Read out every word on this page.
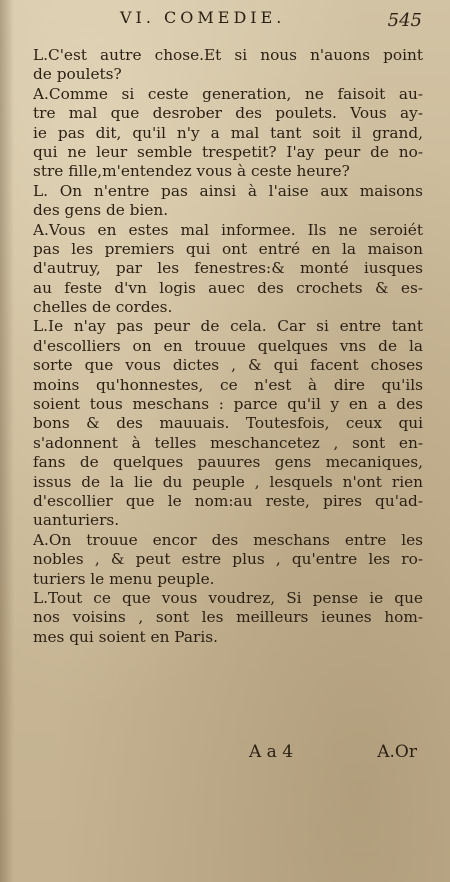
VI. COMEDIE.	545
L.C'est autre chose.Et si nous n'auons point
de poulets?
A.Comme si ceste generation, ne faisoit au-
tre mal que desrober des poulets. Vous ay-
ie pas dit, qu'il n'y a mal tant soit il grand,
qui ne leur semble trespetit? I'ay peur de no-
stre fille,m'entendez vous à ceste heure?
L. On n'entre pas ainsi à l'aise aux maisons
des gens de bien.
A.Vous en estes mal informee. Ils ne seroiét
pas les premiers qui ont entré en la maison
d'autruy, par les fenestres:& monté iusques
au feste d'vn logis auec des crochets & es-
chelles de cordes.
L.Ie n'ay pas peur de cela. Car si entre tant
d'escolliers on en trouue quelques vns de la
sorte que vous dictes , & qui facent choses
moins qu'honnestes, ce n'est à dire qu'ils
soient tous meschans : parce qu'il y en a des
bons & des mauuais. Toutesfois, ceux qui
s'adonnent à telles meschancetez , sont en-
fans de quelques pauures gens mecaniques,
issus de la lie du peuple , lesquels n'ont rien
d'escollier que le nom:au reste, pires qu'ad-
uanturiers.
A.On trouue encor des meschans entre les
nobles , & peut estre plus , qu'entre les ro-
turiers le menu peuple.
L.Tout ce que vous voudrez, Si pense ie que
nos voisins , sont les meilleurs ieunes hom-
mes qui soient en Paris.
A a 4	A.Or
